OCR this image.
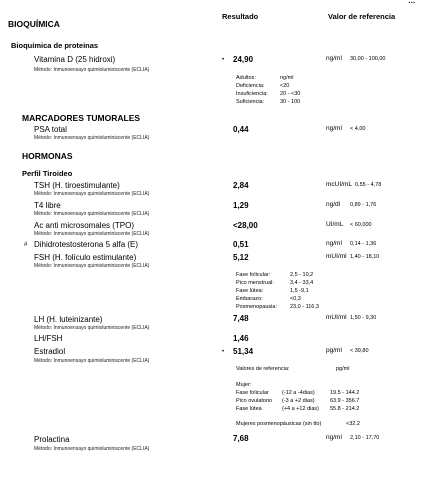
Resultado	Valor de referencia
…
BIOQUÍMICA
Bioquímica de proteinas
Vitamina D (25 hidroxi)
Método: Inmunoensayo quimioluminiscente (ECLIA)
• 24,90	ng/ml 30,00 - 100,00
Adultos:	ng/ml
Deficiencia:	<20
Insuficiencia: 20 - <30
Suficiencia:	30 - 100
MARCADORES TUMORALES
PSA total
Método: Inmunoensayo quimioluminiscente (ECLIA)
0,44	ng/ml < 4,00
HORMONAS
Perfil Tiroideo
TSH (H. tiroestimulante)
Método: Inmunoensayo quimioluminiscente (ECLIA)
2,84	mcUI/mL 0,55 - 4,78
T4 libre
Método: Inmunoensayo quimioluminiscente (ECLIA)
1,29	ng/dl 0,89 - 1,76
Ac anti microsomales (TPO)
Método: Inmunoensayo quimioluminiscente (ECLIA)
<28,00	UI/mL < 60,000
# Dihidrotestosterona 5 alfa (E)	0,51	ng/ml 0,14 - 1,36
FSH (H. folículo estimulante)
Método: Inmunoensayo quimioluminiscente (ECLIA)
5,12	mUI/ml 1,40 - 18,10
Fase folicular:	2,5 - 10,2
Pico menstrual:	3,4 - 33,4
Fase lútea:	1,5 -9,1
Embarazo:	<0,3
Posmenopausia: 23,0 - 116,3
LH (H. luteinizante)
Método: Inmunoensayo quimioluminiscente (ECLIA)
7,48	mUI/ml 1,50 - 9,30
LH/FSH	1,46
Estradiol
Método: Inmunoensayo quimioluminiscente (ECLIA)
• 51,34	pg/ml < 39,80
Valores de referencia:	pg/ml
Mujer:
Fase folicular (-12 a -4dias)	19.5 - 144.2
Pico ovulatorio (-3 a +2 dias)	63.9 - 356.7
Fase lútea	(+4 a +12 dias) 55.8 - 214.2
Mujeres posmenopáusicas (sin tto)	<32.2
Prolactina
Método: Inmunoensayo quimioluminiscente (ECLIA)
7,68	ng/ml 2,10 - 17,70
